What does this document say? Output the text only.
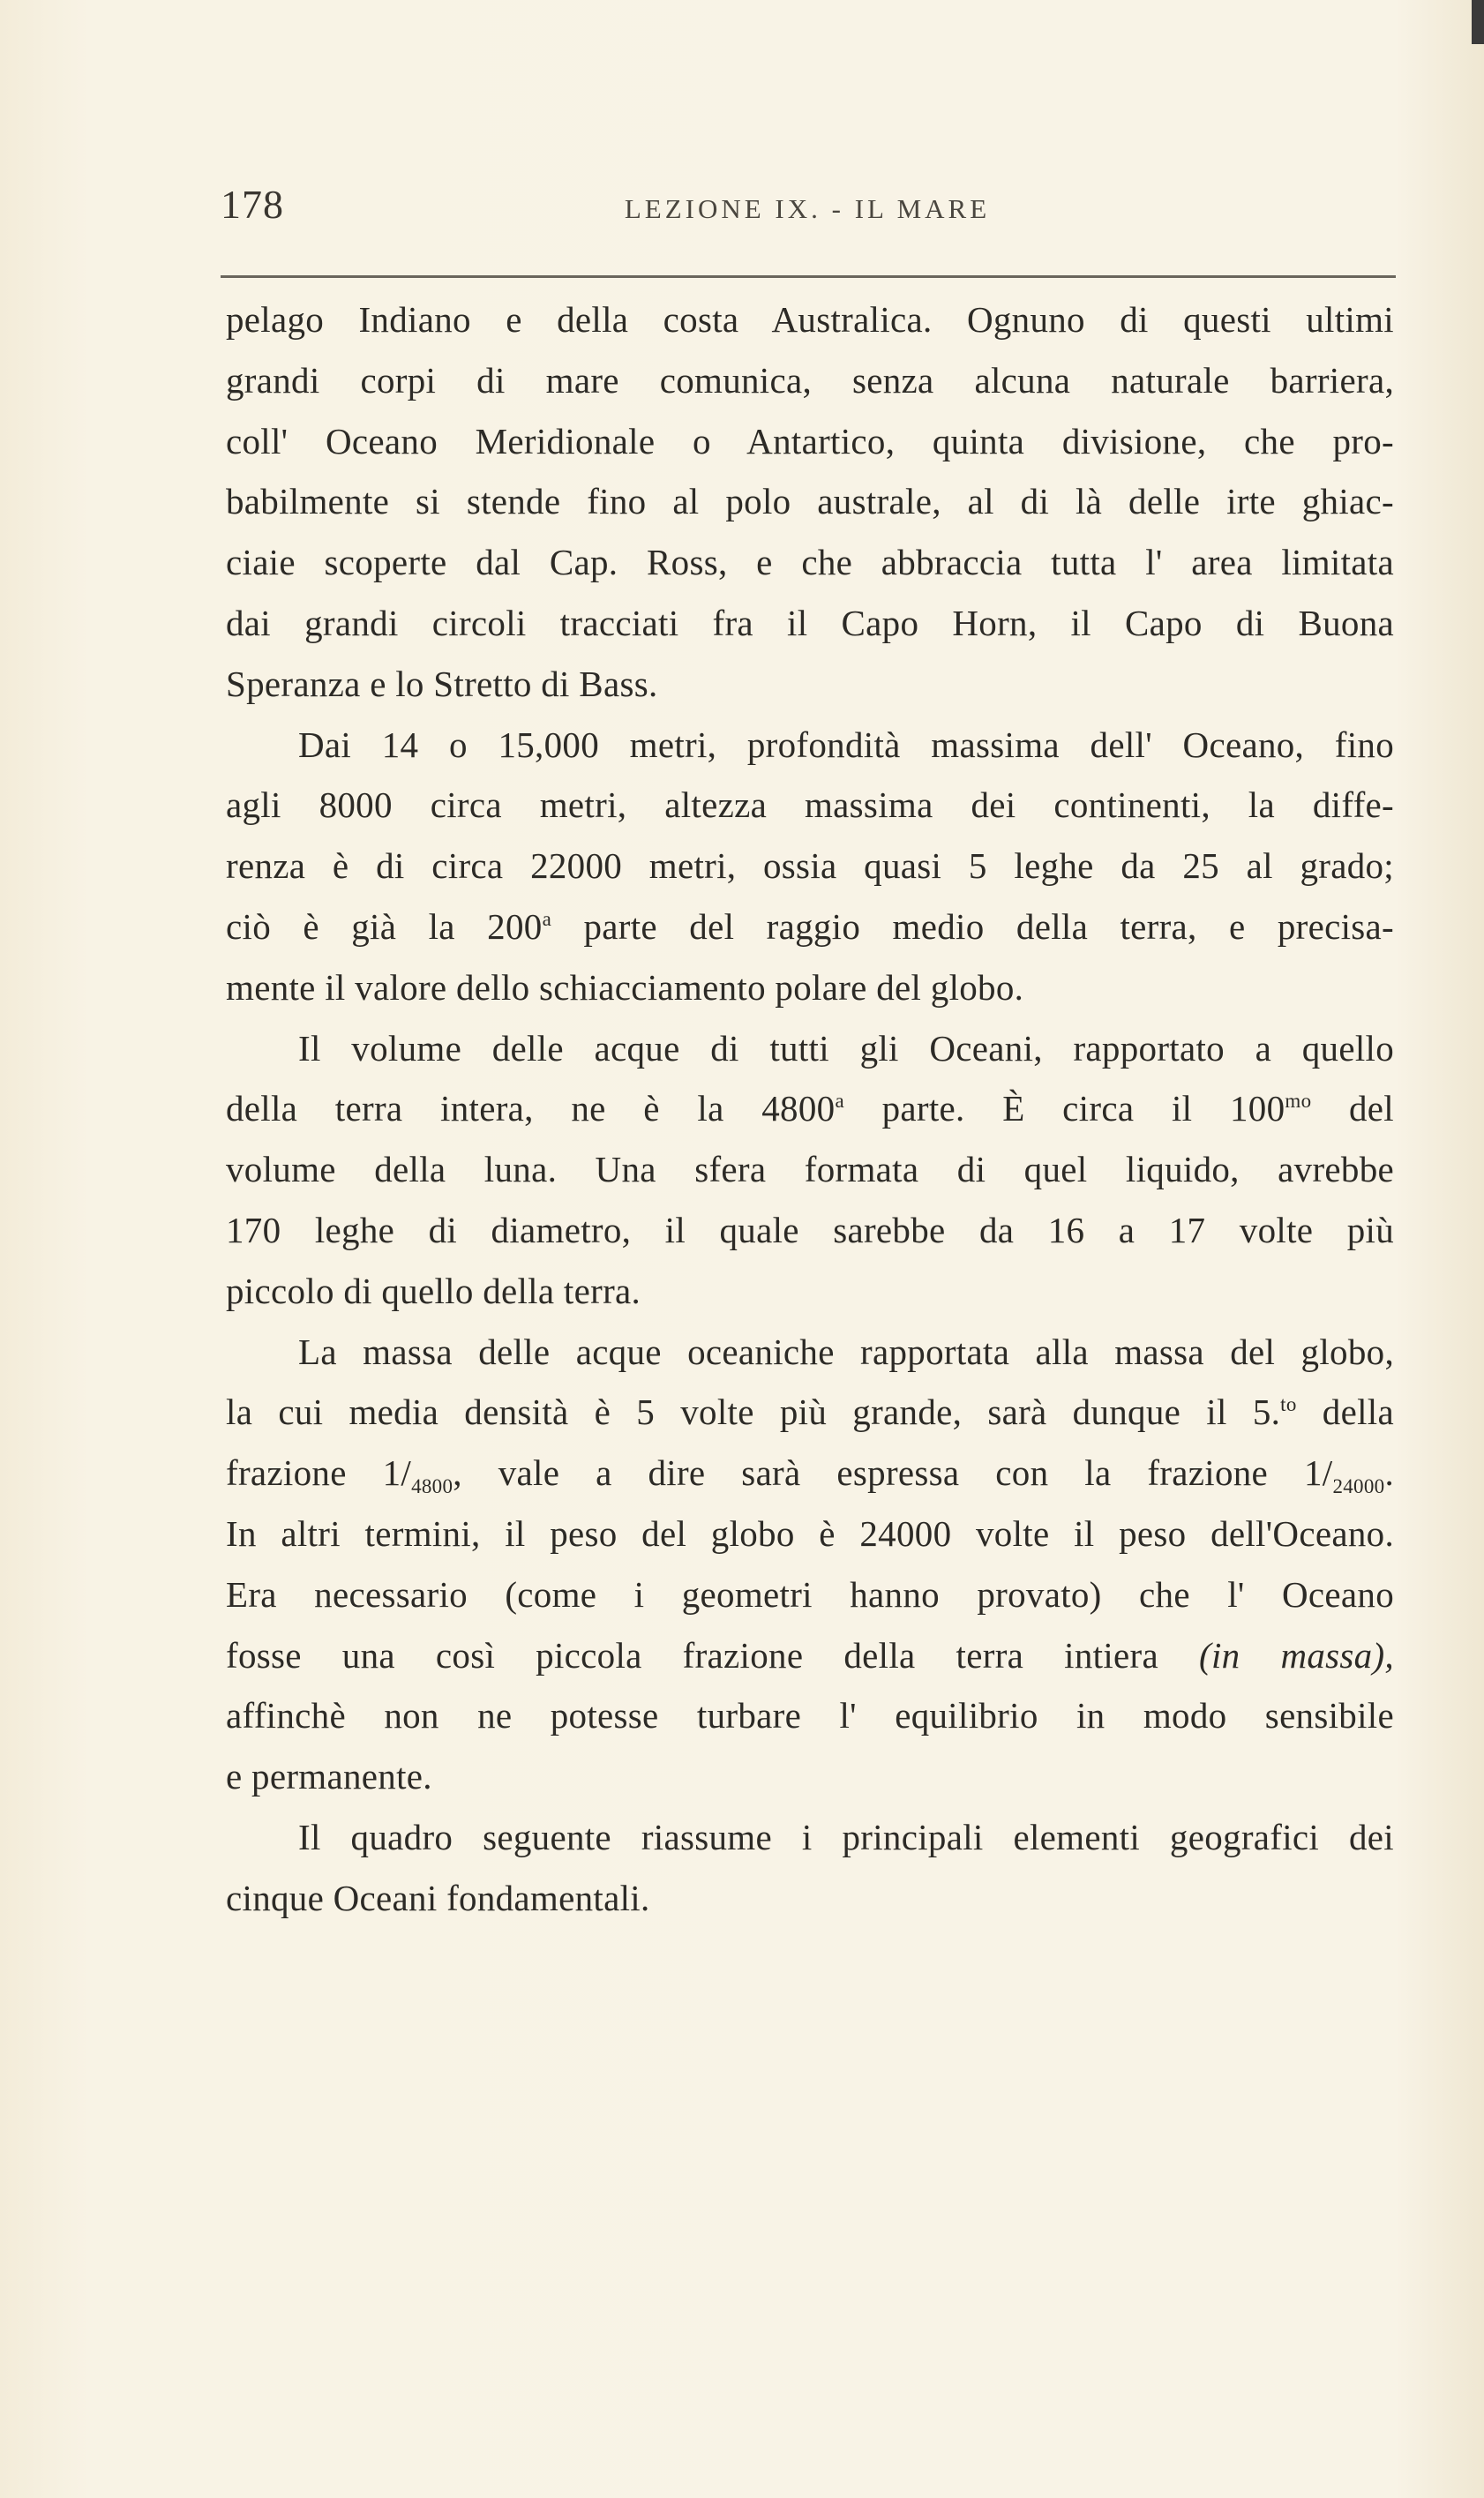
178	LEZIONE IX. - IL MARE
pelago Indiano e della costa Australica. Ognuno di questi ultimi
grandi corpi di mare comunica, senza alcuna naturale barriera,
coll' Oceano Meridionale o Antartico, quinta divisione, che pro-
babilmente si stende fino al polo australe, al di là delle irte ghiac-
ciaie scoperte dal Cap. Ross, e che abbraccia tutta l' area limitata
dai grandi circoli tracciati fra il Capo Horn, il Capo di Buona
Speranza e lo Stretto di Bass.
Dai 14 o 15,000 metri, profondità massima dell' Oceano, fino
agli 8000 circa metri, altezza massima dei continenti, la diffe-
renza è di circa 22000 metri, ossia quasi 5 leghe da 25 al grado;
ciò è già la 200$^a$ parte del raggio medio della terra, e precisa-
mente il valore dello schiacciamento polare del globo.
Il volume delle acque di tutti gli Oceani, rapportato a quello
della terra intera, ne è la 4800$^a$ parte. È circa il $100^{mo}$ del
volume della luna. Una sfera formata di quel liquido, avrebbe
170 leghe di diametro, il quale sarebbe da 16 a 17 volte più
piccolo di quello della terra.
La massa delle acque oceaniche rapportata alla massa del globo,
la cui media densità è 5 volte più grande, sarà dunque il 5.$^{to}$ della
frazione $1/_{4800}$, vale a dire sarà espressa con la frazione $1/_{24000}$.
In altri termini, il peso del globo è 24000 volte il peso dell'Oceano.
Era necessario (come i geometri hanno provato) che l' Oceano
fosse una così piccola frazione della terra intiera (in massa),
affinchè non ne potesse turbare l' equilibrio in modo sensibile
e permanente.
Il quadro seguente riassume i principali elementi geografici dei
cinque Oceani fondamentali.
